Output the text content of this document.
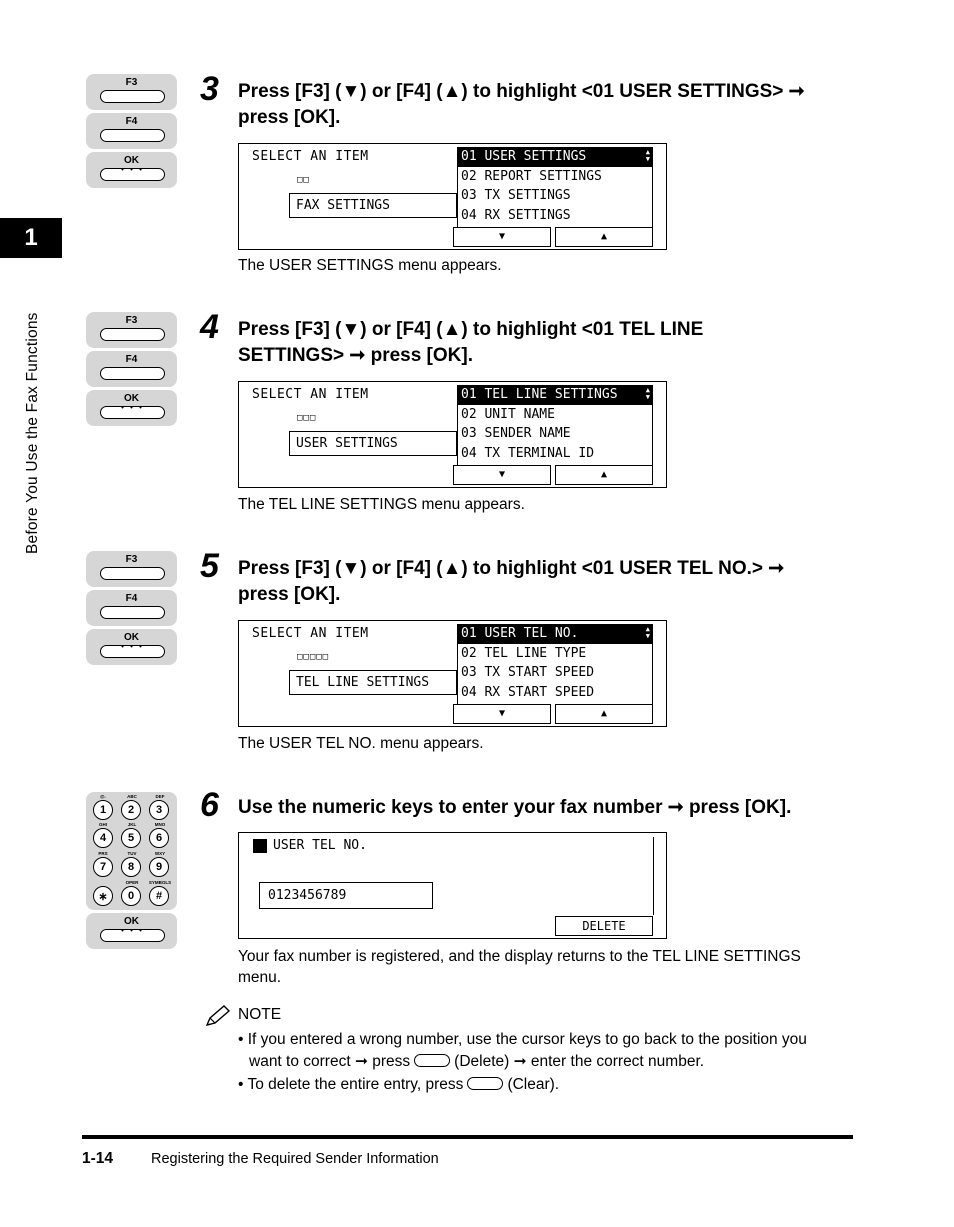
1
Before You Use the Fax Functions
F3
F4
OK
• • •
3 Press [F3] (▼) or [F4] (▲) to highlight <01 USER SETTINGS> ➞
press [OK].
SELECT AN ITEM
□□
FAX SETTINGS
01 USER SETTINGS	▲
▼
02 REPORT SETTINGS
03 TX SETTINGS
04 RX SETTINGS
▼	▲
The USER SETTINGS menu appears.
F3
F4
OK
• • •
4 Press [F3] (▼) or [F4] (▲) to highlight <01 TEL LINE
SETTINGS> ➞ press [OK].
SELECT AN ITEM
□□□
USER SETTINGS
01 TEL LINE SETTINGS	▲
▼
02 UNIT NAME
03 SENDER NAME
04 TX TERMINAL ID
▼	▲
The TEL LINE SETTINGS menu appears.
F3
F4
OK
• • •
5 Press [F3] (▼) or [F4] (▲) to highlight <01 USER TEL NO.> ➞
press [OK].
SELECT AN ITEM
□□□□□
TEL LINE SETTINGS
01 USER TEL NO.	▲
▼
02 TEL LINE TYPE
03 TX START SPEED
04 RX START SPEED
▼	▲
The USER TEL NO. menu appears.
@.	ABC	DEF
1	2	3
GHI	JKL	MNO
4	5	6
PRS	TUV	WXY
7	8	9
OPER	SYMBOLS
∗	0	#
OK
• • •
6 Use the numeric keys to enter your fax number ➞ press [OK].
USER TEL NO.
0123456789
DELETE
Your fax number is registered, and the display returns to the TEL LINE SETTINGS
menu.
NOTE
• If you entered a wrong number, use the cursor keys to go back to the position you
want to correct ➞ press	(Delete) ➞ enter the correct number.
• To delete the entire entry, press	(Clear).
1-14	Registering the Required Sender Information
